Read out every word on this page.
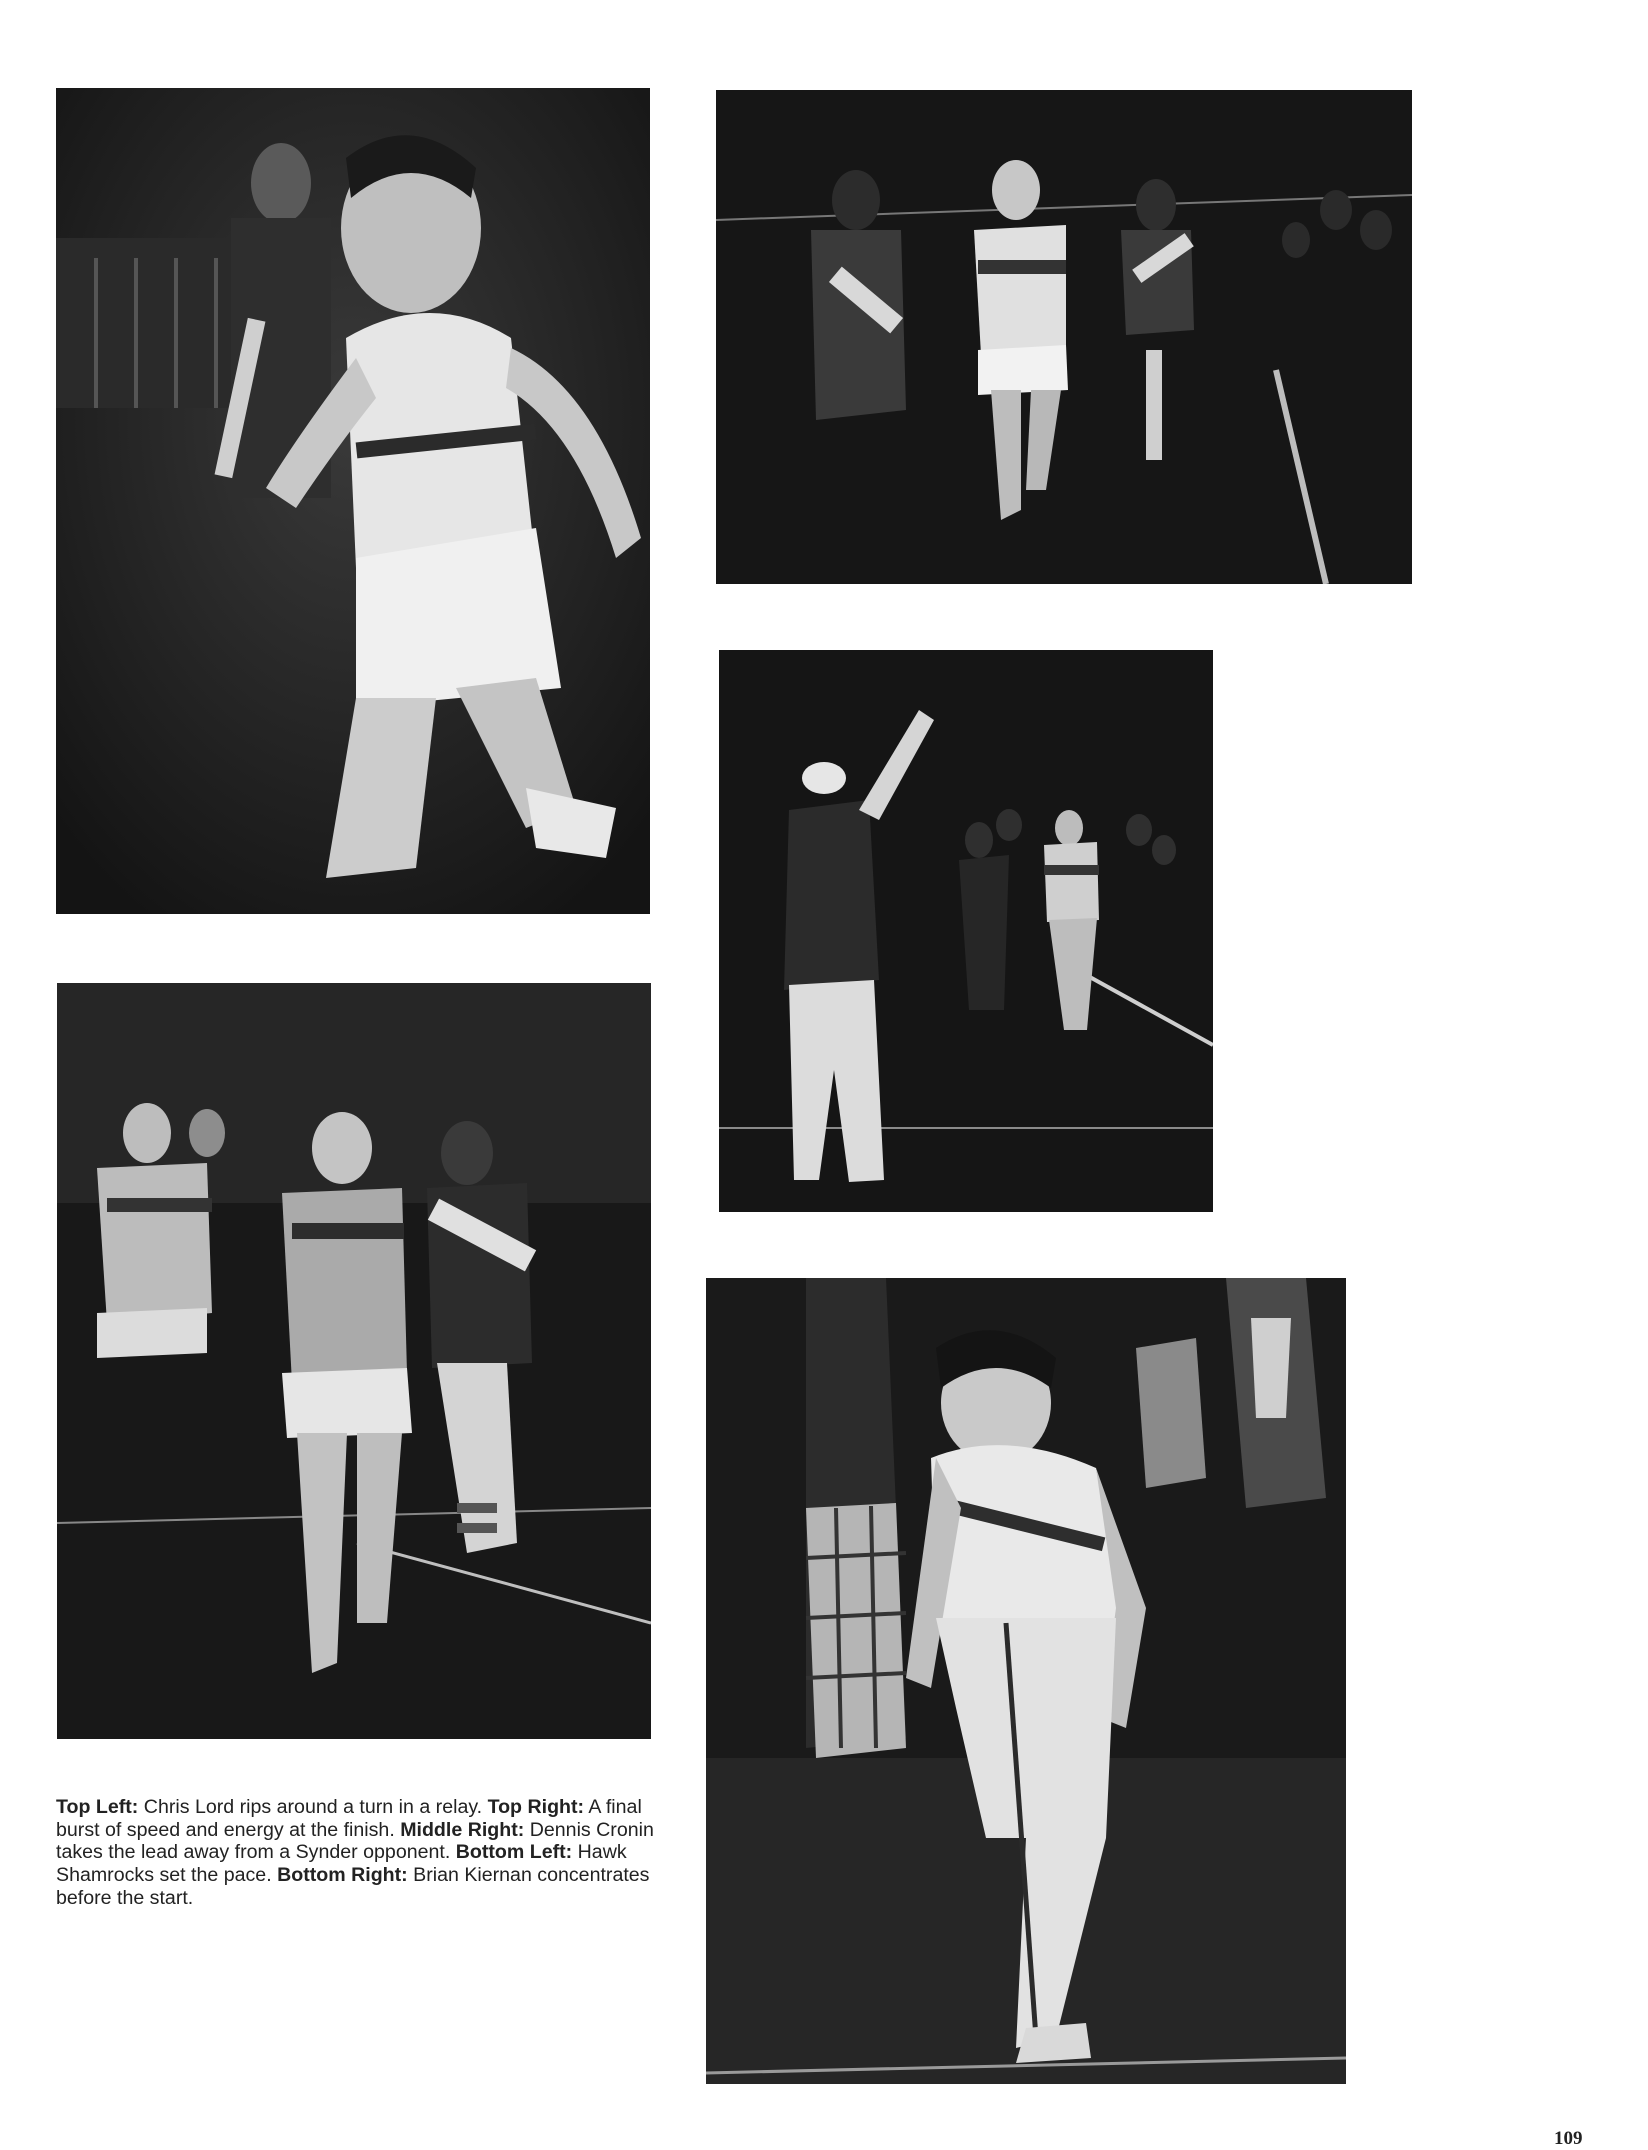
Top Left: Chris Lord rips around a turn in a relay. Top Right: A final burst of speed and energy at the finish. Middle Right: Dennis Cronin takes the lead away from a Synder opponent. Bottom Left: Hawk Shamrocks set the pace. Bottom Right: Brian Kiernan concentrates before the start.
109
